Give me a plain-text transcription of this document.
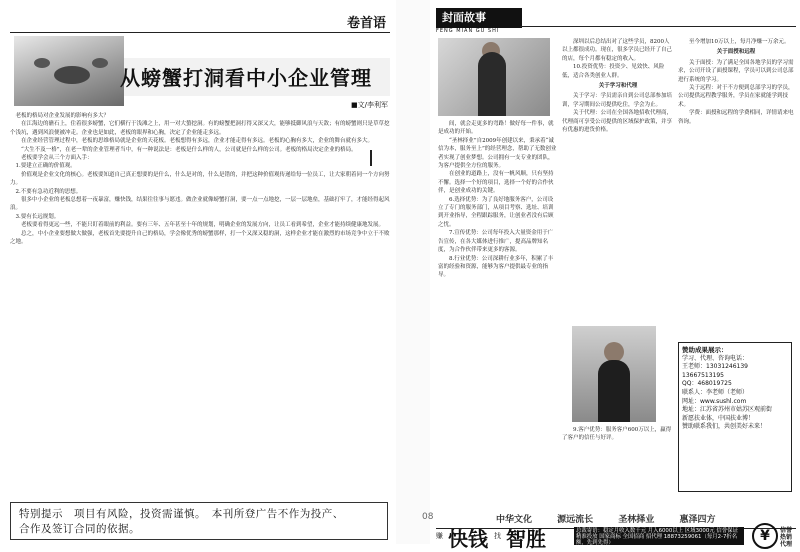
卷首语
从螃蟹打洞看中小企业管理
■文/李利军

老板的格局对企业发展的影响有多大？

在江海边的礁石上，住着很多螃蟹，它们横行于浅滩之上，用一对大螯挖洞。有的螃蟹把洞打得又深又大，能够抵御风浪与天敌；有的螃蟹则只是草草挖个浅坑，遇到风浪便被冲走。企业也是如此，老板的眼界和心胸，决定了企业能走多远。

在企业经营管理过程中，老板的思维格局就是企业的天花板。老板想得有多远，企业才能走得有多远。老板的心胸有多大，企业的舞台就有多大。

“大生不及一格”，在老一辈的企业管理者当中，有一种说法是：老板是什么样的人，公司就是什么样的公司。老板的格局决定企业的格局。

老板要学会从三个方面入手：

1.要建立正确的价值观。

价值观是企业文化的核心。老板要知道自己真正想要的是什么，什么是对的，什么是错的，并把这种价值观传递给每一位员工，让大家朝着同一个方向努力。

2.不要有急功近利的思想。

很多中小企业的老板总想着一夜暴富，赚快钱，结果往往事与愿违。做企业就像螃蟹打洞，要一点一点地挖，一层一层地垒，基础打牢了，才能经得起风浪。

3.要有长远规划。

老板要看得更远一些，不能只盯着眼前的利益。要有三年、五年甚至十年的规划，明确企业的发展方向，让员工看到希望，企业才能持续健康地发展。

总之，中小企业要想做大做强，老板首先要提升自己的格局，学会像优秀的螃蟹那样，打一个又深又稳的洞，这样企业才能在激烈的市场竞争中立于不败之地。

特别提示　项目有风险，投资需谨慎。　本刊所登广告不作为投产、
合作及签订合同的依据。
封面故事
FENG MIAN GU SHI

间，就会走更多的弯路！做好每一件事，就是成功的开始。

“圣林择业”自2009年创建以来，秉承着“诚信为本，服务至上”的经营理念，帮助了无数创业者实现了创业梦想。公司拥有一支专业的团队，为客户提供全方位的服务。

在创业的道路上，没有一帆风顺，只有坚持不懈。选择一个好的项目，选择一个好的合作伙伴，是创业成功的关键。

6.选择优势：为了良好地服务客户，公司设立了专门的服务部门，从项目考察、选址、培训到开业指导，全程跟踪服务，让创业者没有后顾之忧。

7.宣传优势：公司每年投入大量资金用于广告宣传，在各大媒体进行推广，提高品牌知名度，为合作伙伴带来更多的客源。

8.行业优势：公司深耕行业多年，积累了丰富的经验和资源，能够为客户提供最专业的指导。

深圳以后总结出对了这些学员，8200人以上都很成功。现在，很多学员已经开了自己的店，每个月都有稳定的收入。

10.投资优势：投资少、见效快、风险低，适合各类创业人群。

关于学习和代理

关于学习：学员需亲自到公司总部参加培训，学习期间公司提供吃住，学会为止。

关于代理：公司在全国各地招收代理商，代理商可享受公司提供的区域保护政策，并享有优惠的进货价格。

9.客户优势：服务客户600万以上，赢得了客户的信任与好评。

至今增加10万以上，每月净赚一万余元。

关于面授和远程

关于面授：为了满足全国各地学员的学习需求，公司开设了面授课程，学员可以到公司总部进行系统的学习。

关于远程：对于不方便到总部学习的学员，公司提供远程教学服务，学员在家就能学到技术。

学费：面授和远程的学费相同，详情请来电咨询。

赞助成果展示：
学习、代理、咨询电话：
王老师：13031246139
13667513195
QQ：468019725
联系人：李老师（老师）
网址：www.sushl.com
地址：江苏省苏州市姑苏区观前街
新愿扶业体，中国扶业博！
赞助联系我们，共创美好未来！
中华文化	源远流长	圣林择业	惠泽四方
赚 快钱 找 智胜	总裁寄语：稳定月收入数千元 月入6000以上 区域3000元 信誉保证 精准投放 国家商标 全国招商 招代理 18873259061（每月2-7折名额，先到先得）	¥	信誉 热销 代理
08
